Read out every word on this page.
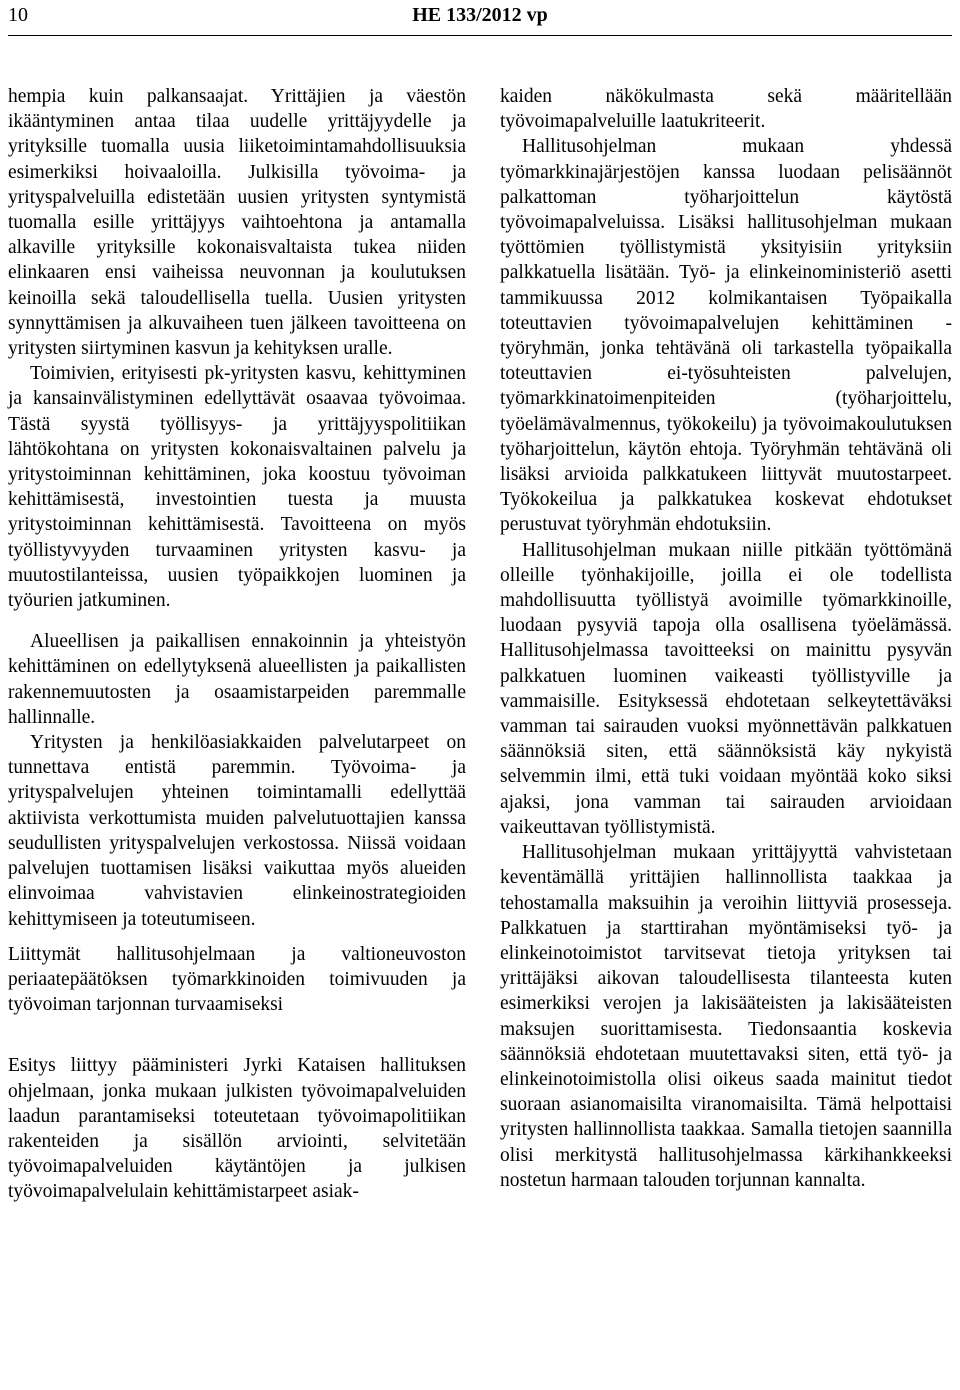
10	HE 133/2012 vp

hempia kuin palkansaajat. Yrittäjien ja väestön ikääntyminen antaa tilaa uudelle yrittäjyydelle ja yrityksille tuomalla uusia liiketoimintamahdollisuuksia esimerkiksi hoivaaloilla. Julkisilla työvoima- ja yrityspalveluilla edistetään uusien yritysten syntymistä tuomalla esille yrittäjyys vaihtoehtona ja antamalla alkaville yrityksille kokonaisvaltaista tukea niiden elinkaaren ensi vaiheissa neuvonnan ja koulutuksen keinoilla sekä taloudellisella tuella. Uusien yritysten synnyttämisen ja alkuvaiheen tuen jälkeen tavoitteena on yritysten siirtyminen kasvun ja kehityksen uralle.

Toimivien, erityisesti pk-yritysten kasvu, kehittyminen ja kansainvälistyminen edellyttävät osaavaa työvoimaa. Tästä syystä työllisyys- ja yrittäjyyspolitiikan lähtökohtana on yritysten kokonaisvaltainen palvelu ja yritystoiminnan kehittäminen, joka koostuu työvoiman kehittämisestä, investointien tuesta ja muusta yritystoiminnan kehittämisestä. Tavoitteena on myös työllistyvyyden turvaaminen yritysten kasvu- ja muutostilanteissa, uusien työpaikkojen luominen ja työurien jatkuminen.

Alueellisen ja paikallisen ennakoinnin ja yhteistyön kehittäminen on edellytyksenä alueellisten ja paikallisten rakennemuutosten ja osaamistarpeiden paremmalle hallinnalle.

Yritysten ja henkilöasiakkaiden palvelutarpeet on tunnettava entistä paremmin. Työvoima- ja yrityspalvelujen yhteinen toimintamalli edellyttää aktiivista verkottumista muiden palvelutuottajien kanssa seudullisten yrityspalvelujen verkostossa. Niissä voidaan palvelujen tuottamisen lisäksi vaikuttaa myös alueiden elinvoimaa vahvistavien elinkeinostrategioiden kehittymiseen ja toteutumiseen.

Liittymät hallitusohjelmaan ja valtioneuvoston periaatepäätöksen työmarkkinoiden toimivuuden ja työvoiman tarjonnan turvaamiseksi

Esitys liittyy pääministeri Jyrki Kataisen hallituksen ohjelmaan, jonka mukaan julkisten työvoimapalveluiden laadun parantamiseksi toteutetaan työvoimapolitiikan rakenteiden ja sisällön arviointi, selvitetään työvoimapalveluiden käytäntöjen ja julkisen työvoimapalvelulain kehittämistarpeet asiak-

kaiden näkökulmasta sekä määritellään työvoimapalveluille laatukriteerit.

Hallitusohjelman mukaan yhdessä työmarkkinajärjestöjen kanssa luodaan pelisäännöt palkattoman työharjoittelun käytöstä työvoimapalveluissa. Lisäksi hallitusohjelman mukaan työttömien työllistymistä yksityisiin yrityksiin palkkatuella lisätään. Työ- ja elinkeinoministeriö asetti tammikuussa 2012 kolmikantaisen Työpaikalla toteuttavien työvoimapalvelujen kehittäminen - työryhmän, jonka tehtävänä oli tarkastella työpaikalla toteuttavien ei-työsuhteisten palvelujen, työmarkkinatoimenpiteiden (työharjoittelu, työelämävalmennus, työkokeilu) ja työvoimakoulutuksen työharjoittelun, käytön ehtoja. Työryhmän tehtävänä oli lisäksi arvioida palkkatukeen liittyvät muutostarpeet. Työkokeilua ja palkkatukea koskevat ehdotukset perustuvat työryhmän ehdotuksiin.

Hallitusohjelman mukaan niille pitkään työttömänä olleille työnhakijoille, joilla ei ole todellista mahdollisuutta työllistyä avoimille työmarkkinoille, luodaan pysyviä tapoja olla osallisena työelämässä. Hallitusohjelmassa tavoitteeksi on mainittu pysyvän palkkatuen luominen vaikeasti työllistyville ja vammaisille. Esityksessä ehdotetaan selkeytettäväksi vamman tai sairauden vuoksi myönnettävän palkkatuen säännöksiä siten, että säännöksistä käy nykyistä selvemmin ilmi, että tuki voidaan myöntää koko siksi ajaksi, jona vamman tai sairauden arvioidaan vaikeuttavan työllistymistä.

Hallitusohjelman mukaan yrittäjyyttä vahvistetaan keventämällä yrittäjien hallinnollista taakkaa ja tehostamalla maksuihin ja veroihin liittyviä prosesseja. Palkkatuen ja starttirahan myöntämiseksi työ- ja elinkeinotoimistot tarvitsevat tietoja yrityksen tai yrittäjäksi aikovan taloudellisesta tilanteesta kuten esimerkiksi verojen ja lakisääteisten ja lakisääteisten maksujen suorittamisesta. Tiedonsaantia koskevia säännöksiä ehdotetaan muutettavaksi siten, että työ- ja elinkeinotoimistolla olisi oikeus saada mainitut tiedot suoraan asianomaisilta viranomaisilta. Tämä helpottaisi yritysten hallinnollista taakkaa. Samalla tietojen saannilla olisi merkitystä hallitusohjelmassa kärkihankkeeksi nostetun harmaan talouden torjunnan kannalta.
